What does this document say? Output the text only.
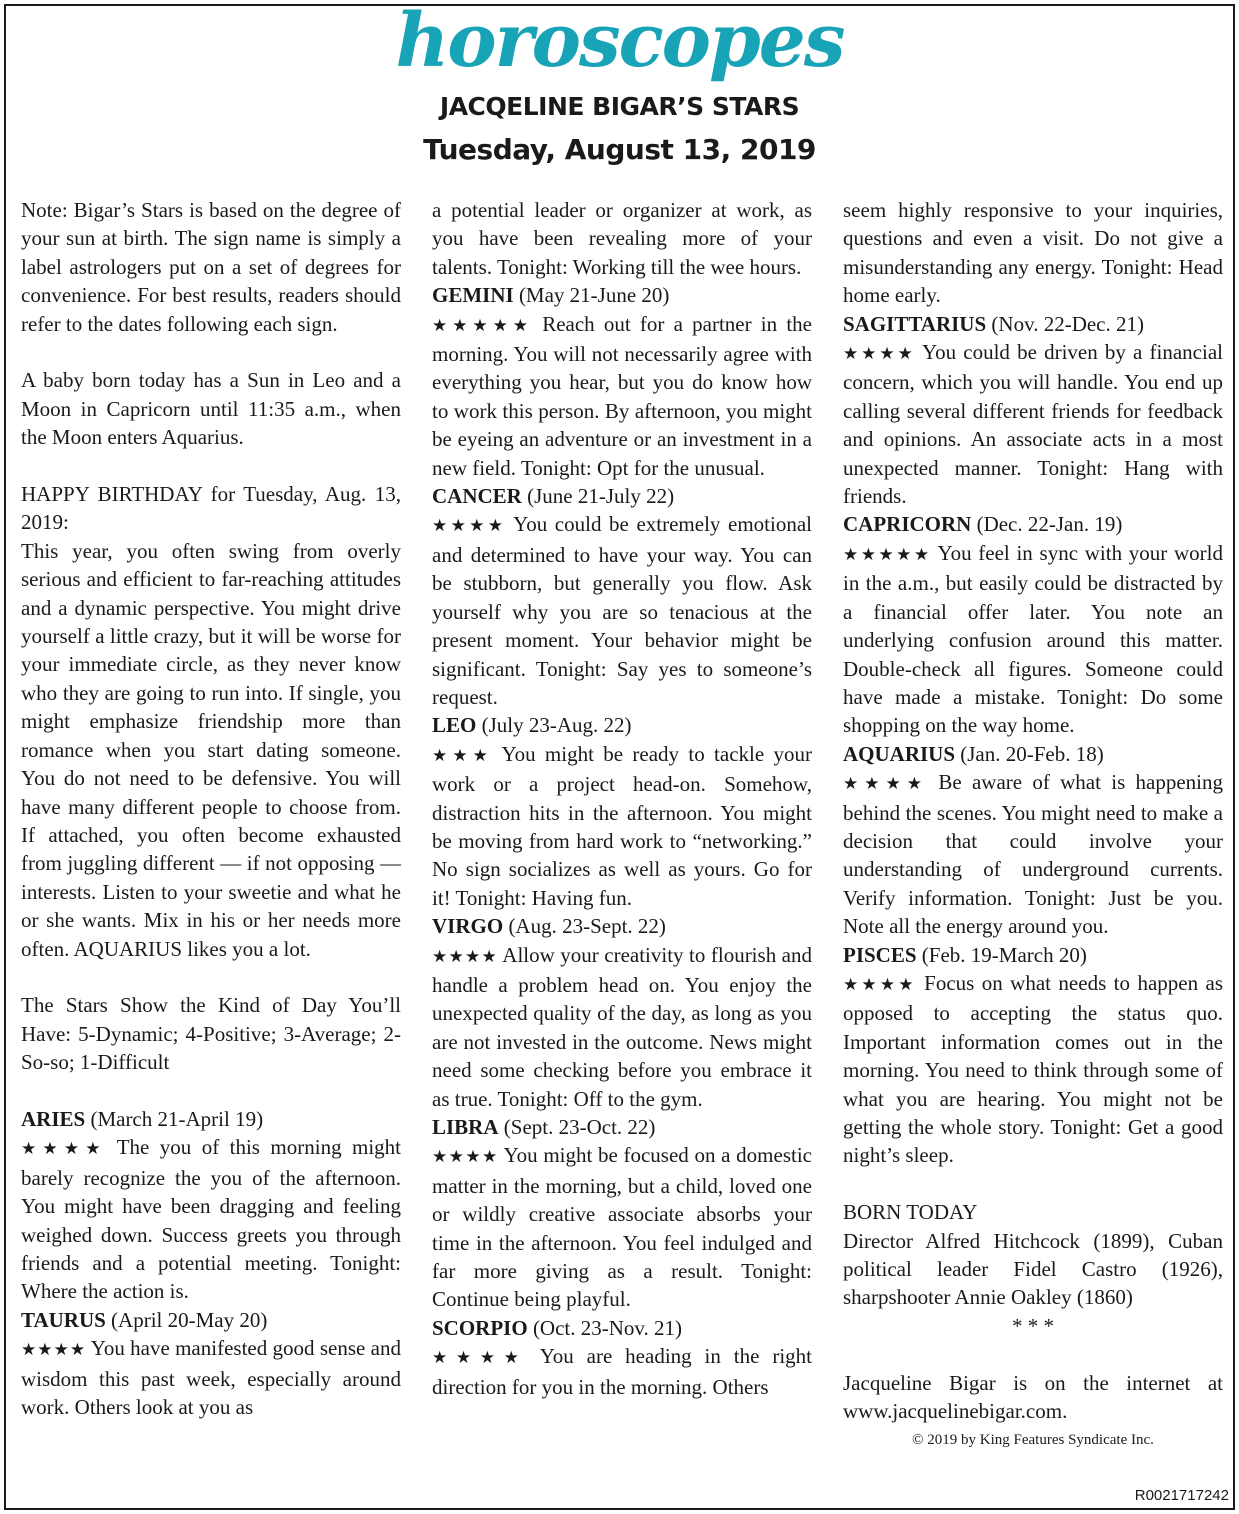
horoscopes
JACQELINE BIGAR’S STARS
Tuesday, August 13, 2019
Note: Bigar’s Stars is based on the degree of your sun at birth. The sign name is simply a label astrologers put on a set of degrees for convenience. For best results, readers should refer to the dates following each sign.
A baby born today has a Sun in Leo and a Moon in Capricorn until 11:35 a.m., when the Moon enters Aquarius.
HAPPY BIRTHDAY for Tuesday, Aug. 13, 2019:
This year, you often swing from overly serious and efficient to far-reaching attitudes and a dynamic perspective. You might drive yourself a little crazy, but it will be worse for your immediate circle, as they never know who they are going to run into. If single, you might emphasize friendship more than romance when you start dating someone. You do not need to be defensive. You will have many different people to choose from. If attached, you often become exhausted from juggling different — if not opposing — interests. Listen to your sweetie and what he or she wants. Mix in his or her needs more often. AQUARIUS likes you a lot.
The Stars Show the Kind of Day You’ll Have: 5-Dynamic; 4-Positive; 3-Average; 2-So-so; 1-Difficult
ARIES (March 21-April 19)
★★★★ The you of this morning might barely recognize the you of the afternoon. You might have been dragging and feeling weighed down. Success greets you through friends and a potential meeting. Tonight: Where the action is.
TAURUS (April 20-May 20)
★★★★ You have manifested good sense and wisdom this past week, especially around work. Others look at you as
a potential leader or organizer at work, as you have been revealing more of your talents. Tonight: Working till the wee hours.
GEMINI (May 21-June 20)
★★★★★ Reach out for a partner in the morning. You will not necessarily agree with everything you hear, but you do know how to work this person. By afternoon, you might be eyeing an adventure or an investment in a new field. Tonight: Opt for the unusual.
CANCER (June 21-July 22)
★★★★ You could be extremely emotional and determined to have your way. You can be stubborn, but generally you flow. Ask yourself why you are so tenacious at the present moment. Your behavior might be significant. Tonight: Say yes to someone’s request.
LEO (July 23-Aug. 22)
★★★ You might be ready to tackle your work or a project head-on. Somehow, distraction hits in the afternoon. You might be moving from hard work to “networking.” No sign socializes as well as yours. Go for it! Tonight: Having fun.
VIRGO (Aug. 23-Sept. 22)
★★★★ Allow your creativity to flourish and handle a problem head on. You enjoy the unexpected quality of the day, as long as you are not invested in the outcome. News might need some checking before you embrace it as true. Tonight: Off to the gym.
LIBRA (Sept. 23-Oct. 22)
★★★★ You might be focused on a domestic matter in the morning, but a child, loved one or wildly creative associate absorbs your time in the afternoon. You feel indulged and far more giving as a result. Tonight: Continue being playful.
SCORPIO (Oct. 23-Nov. 21)
★★★★ You are heading in the right direction for you in the morning. Others
seem highly responsive to your inquiries, questions and even a visit. Do not give a misunderstanding any energy. Tonight: Head home early.
SAGITTARIUS (Nov. 22-Dec. 21)
★★★★ You could be driven by a financial concern, which you will handle. You end up calling several different friends for feedback and opinions. An associate acts in a most unexpected manner. Tonight: Hang with friends.
CAPRICORN (Dec. 22-Jan. 19)
★★★★★ You feel in sync with your world in the a.m., but easily could be distracted by a financial offer later. You note an underlying confusion around this matter. Double-check all figures. Someone could have made a mistake. Tonight: Do some shopping on the way home.
AQUARIUS (Jan. 20-Feb. 18)
★★★★ Be aware of what is happening behind the scenes. You might need to make a decision that could involve your understanding of underground currents. Verify information. Tonight: Just be you. Note all the energy around you.
PISCES (Feb. 19-March 20)
★★★★ Focus on what needs to happen as opposed to accepting the status quo. Important information comes out in the morning. You need to think through some of what you are hearing. You might not be getting the whole story. Tonight: Get a good night’s sleep.
BORN TODAY
Director Alfred Hitchcock (1899), Cuban political leader Fidel Castro (1926), sharpshooter Annie Oakley (1860)
* * *
Jacqueline Bigar is on the internet at www.jacquelinebigar.com.
© 2019 by King Features Syndicate Inc.
R0021717242
